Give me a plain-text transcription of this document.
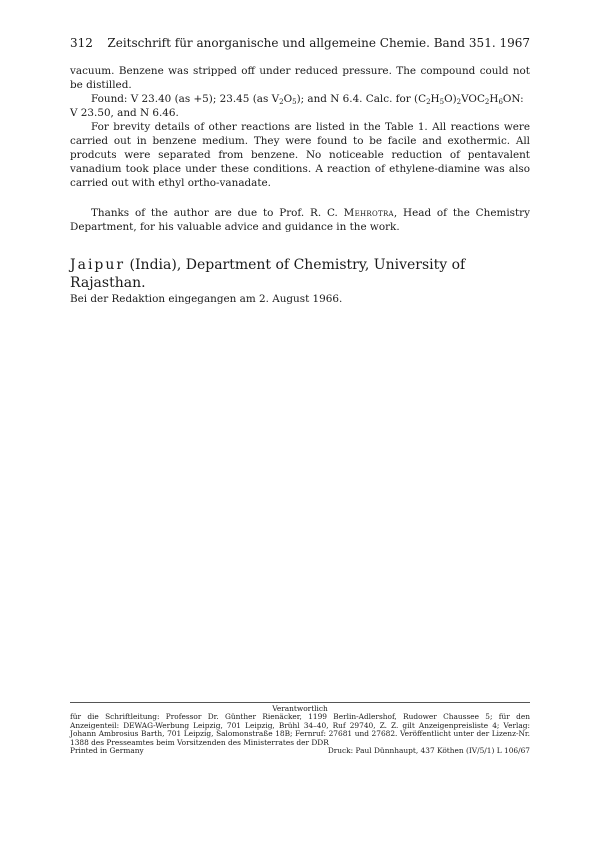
312 Zeitschrift für anorganische und allgemeine Chemie. Band 351. 1967

vacuum. Benzene was stripped off under reduced pressure. The compound could not be distilled.

Found: V 23.40 (as +5); 23.45 (as $V_2O_5$); and N 6.4. Calc. for $(C_2H_5O)_2VOC_2H_6ON$:

V 23.50, and N 6.46.

For brevity details of other reactions are listed in the Table 1. All reactions were carried out in benzene medium. They were found to be facile and exothermic. All prodcuts were separated from benzene. No noticeable reduction of pentavalent vanadium took place under these conditions. A reaction of ethylene-diamine was also carried out with ethyl ortho-vanadate.

Thanks of the author are due to Prof. R. C. Mehrotra, Head of the Chemistry Department, for his valuable advice and guidance in the work.

Jaipur (India), Department of Chemistry, University of Rajasthan.
Bei der Redaktion eingegangen am 2. August 1966.
Verantwortlich

für die Schriftleitung: Professor Dr. Günther Rienäcker, 1199 Berlin-Adlershof, Rudower Chaussee 5; für den Anzeigenteil: DEWAG-Werbung Leipzig, 701 Leipzig, Brühl 34–40, Ruf 29740, Z. Z. gilt Anzeigenpreisliste 4; Verlag: Johann Ambrosius Barth, 701 Leipzig, Salomonstraße 18B; Fernruf: 27681 und 27682. Veröffentlicht unter der Lizenz-Nr. 1388 des Presseamtes beim Vorsitzenden des Ministerrates der DDR

Printed in Germany	Druck: Paul Dünnhaupt, 437 Köthen (IV/5/1) L 106/67
